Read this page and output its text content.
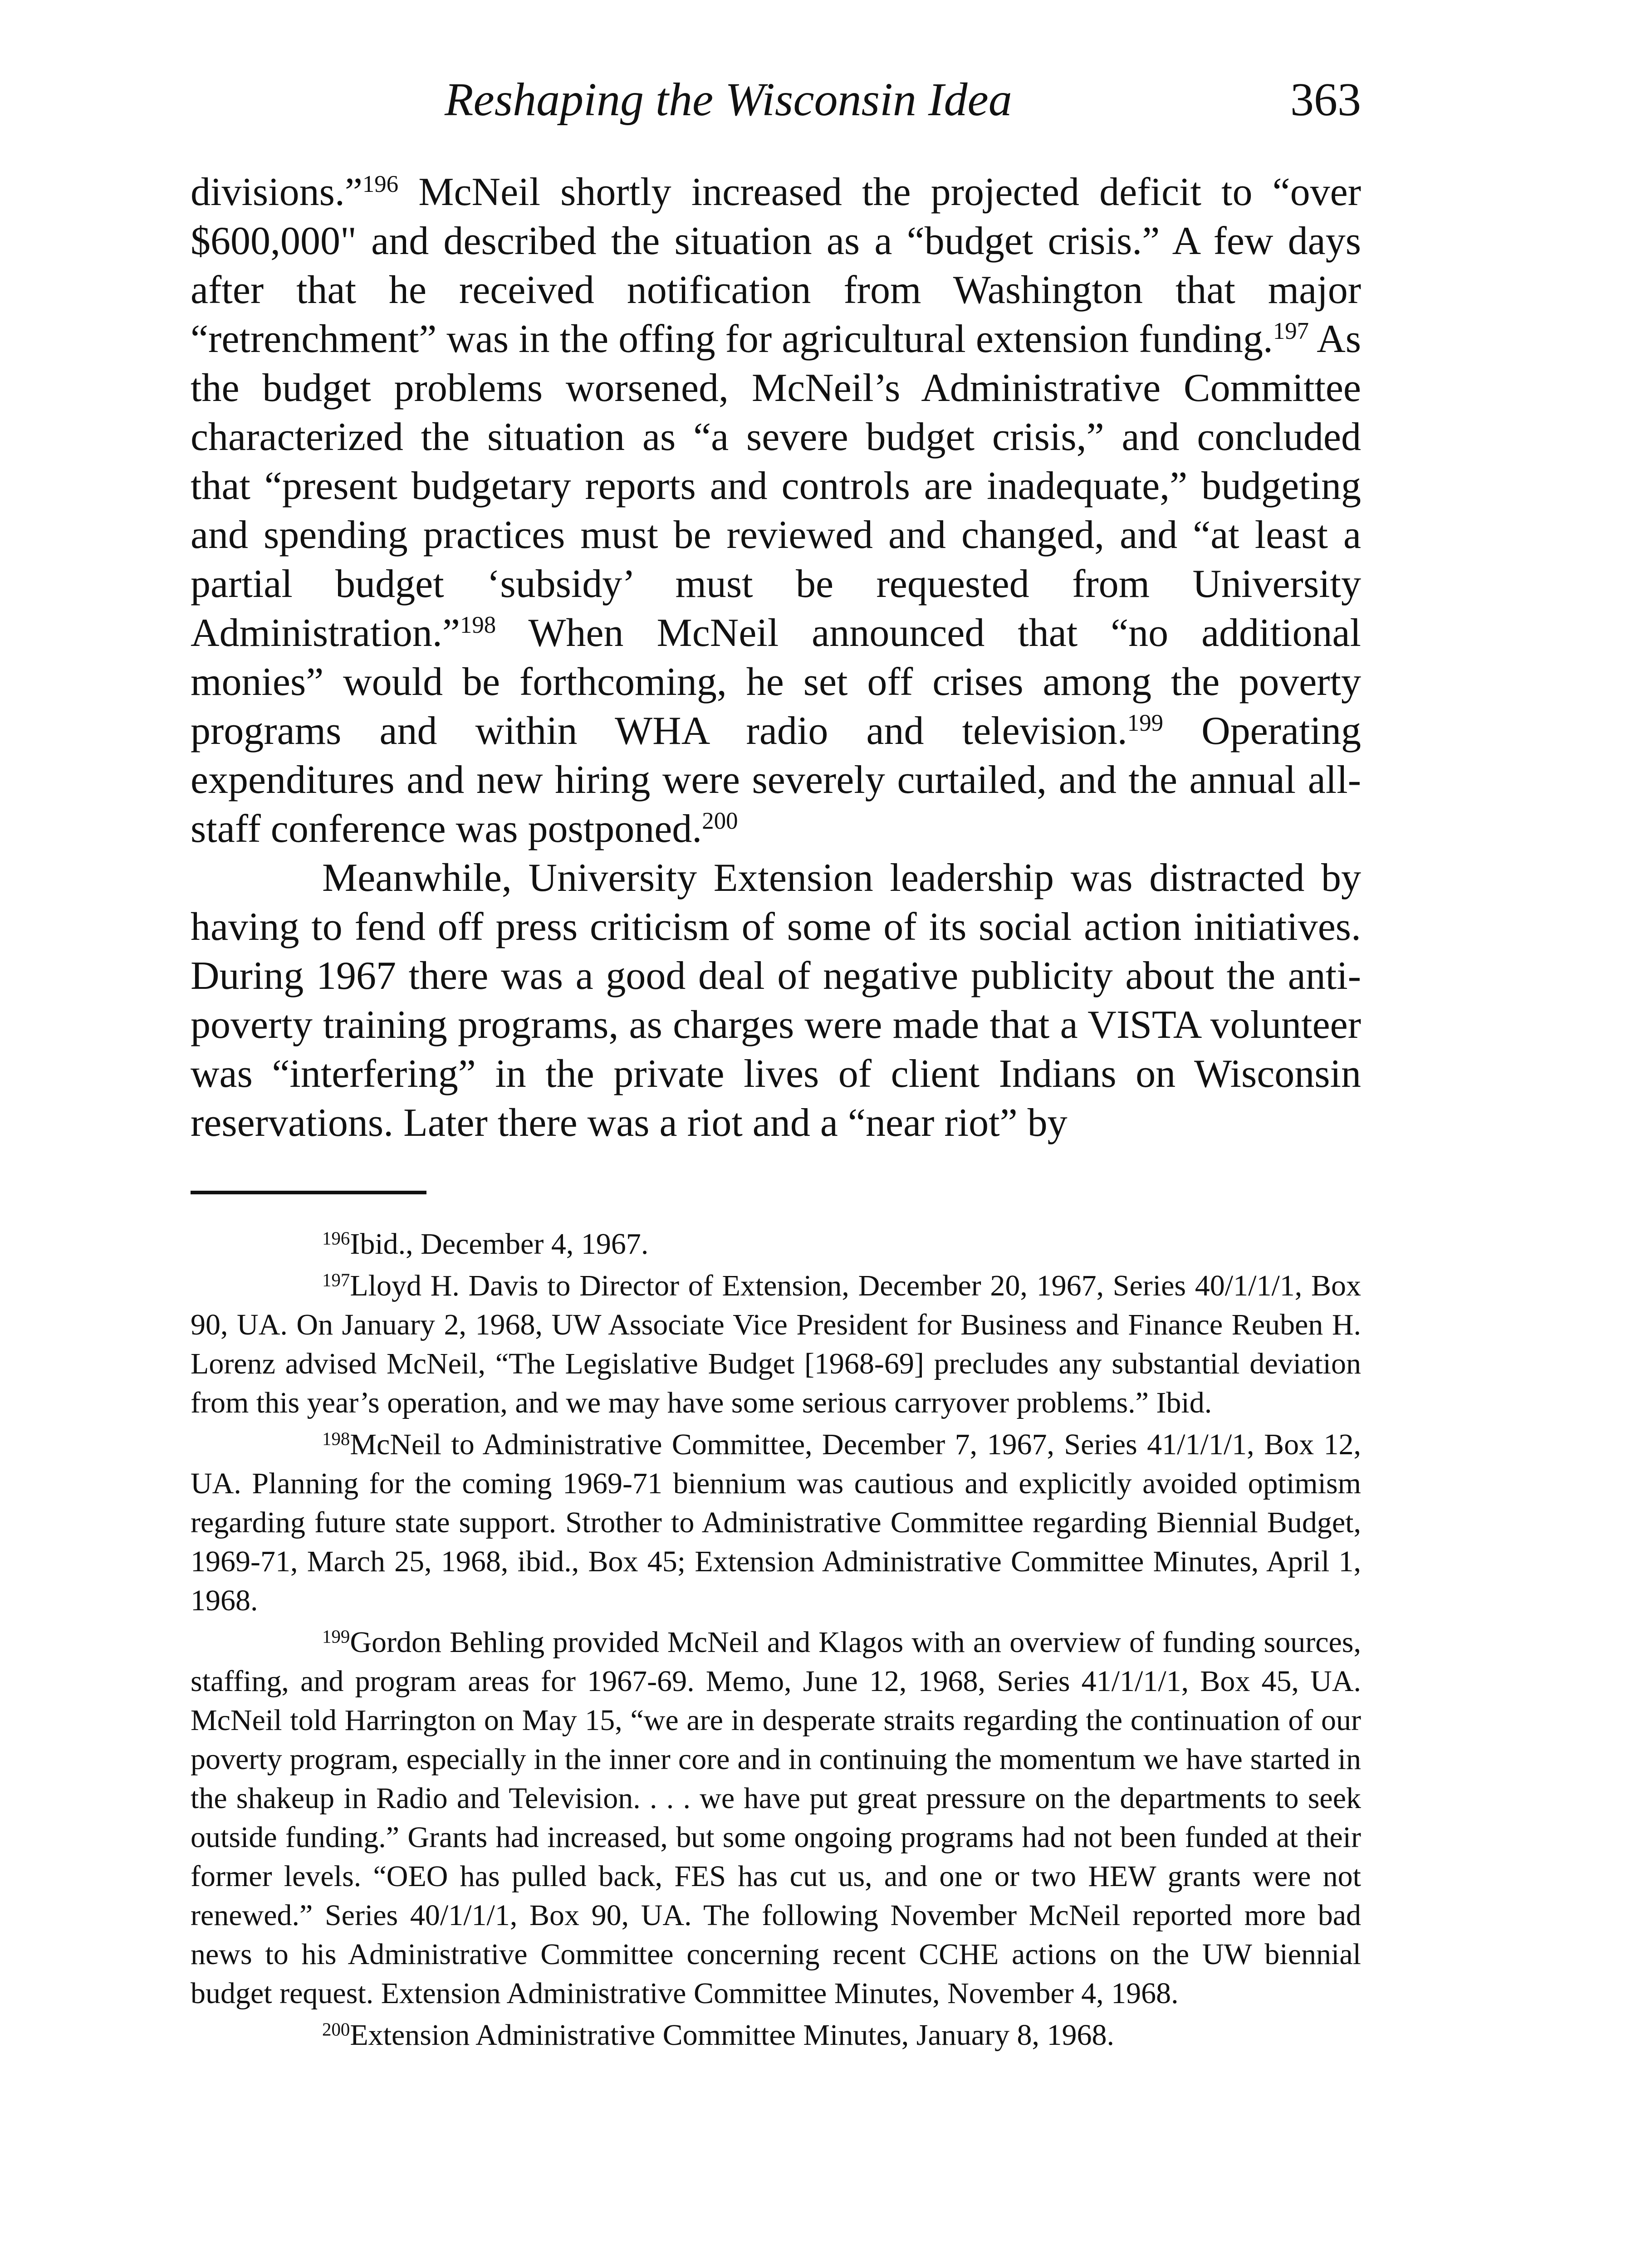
Reshaping the Wisconsin Idea	363

divisions.”$^{196}$ McNeil shortly increased the projected deficit to “over $600,000" and described the situation as a “budget crisis.” A few days after that he received notification from Washington that major “retrenchment” was in the offing for agricultural extension funding.$^{197}$ As the budget problems worsened, McNeil’s Administrative Committee characterized the situation as “a severe budget crisis,” and concluded that “present budgetary reports and controls are inadequate,” budgeting and spending practices must be reviewed and changed, and “at least a partial budget ‘subsidy’ must be requested from University Administration.”$^{198}$ When McNeil announced that “no additional monies” would be forthcoming, he set off crises among the poverty programs and within WHA radio and television.$^{199}$ Operating expenditures and new hiring were severely curtailed, and the annual all-staff conference was postponed.$^{200}$

Meanwhile, University Extension leadership was distracted by having to fend off press criticism of some of its social action initiatives. During 1967 there was a good deal of negative publicity about the anti-poverty training programs, as charges were made that a VISTA volunteer was “interfering” in the private lives of client Indians on Wisconsin reservations. Later there was a riot and a “near riot” by

$^{196}$Ibid., December 4, 1967.

$^{197}$Lloyd H. Davis to Director of Extension, December 20, 1967, Series 40/1/1/1, Box 90, UA. On January 2, 1968, UW Associate Vice President for Business and Finance Reuben H. Lorenz advised McNeil, “The Legislative Budget [1968-69] precludes any substantial deviation from this year’s operation, and we may have some serious carryover problems.” Ibid.

$^{198}$McNeil to Administrative Committee, December 7, 1967, Series 41/1/1/1, Box 12, UA. Planning for the coming 1969-71 biennium was cautious and explicitly avoided optimism regarding future state support. Strother to Administrative Committee regarding Biennial Budget, 1969-71, March 25, 1968, ibid., Box 45; Extension Administrative Committee Minutes, April 1, 1968.

$^{199}$Gordon Behling provided McNeil and Klagos with an overview of funding sources, staffing, and program areas for 1967-69. Memo, June 12, 1968, Series 41/1/1/1, Box 45, UA. McNeil told Harrington on May 15, “we are in desperate straits regarding the continuation of our poverty program, especially in the inner core and in continuing the momentum we have started in the shakeup in Radio and Television. . . . we have put great pressure on the departments to seek outside funding.” Grants had increased, but some ongoing programs had not been funded at their former levels. “OEO has pulled back, FES has cut us, and one or two HEW grants were not renewed.” Series 40/1/1/1, Box 90, UA. The following November McNeil reported more bad news to his Administrative Committee concerning recent CCHE actions on the UW biennial budget request. Extension Administrative Committee Minutes, November 4, 1968.

$^{200}$Extension Administrative Committee Minutes, January 8, 1968.
